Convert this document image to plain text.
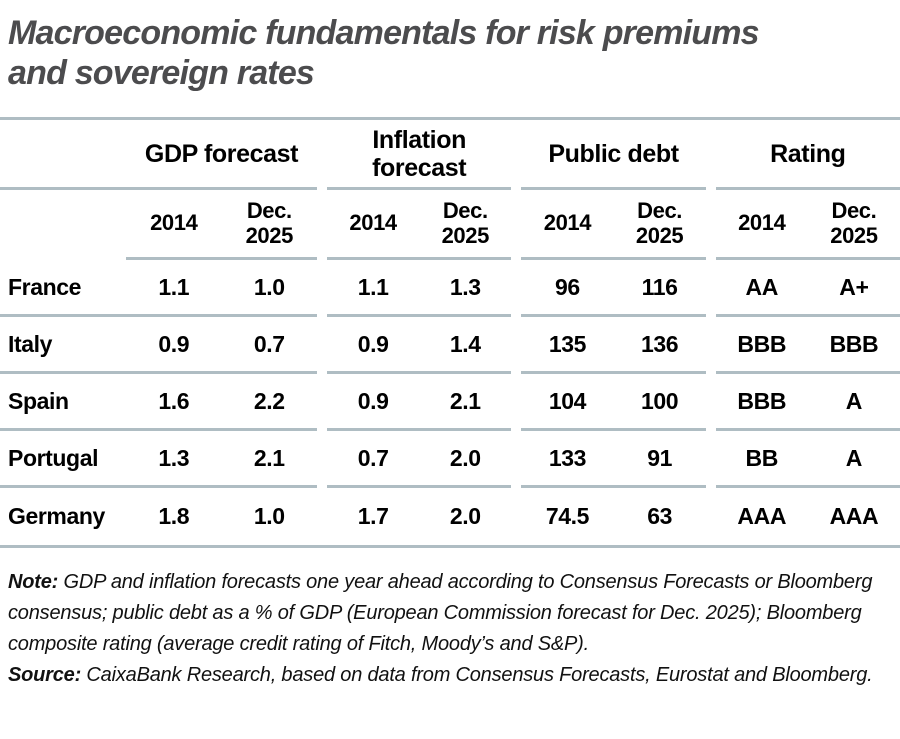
Macroeconomic fundamentals for risk premiums
and sovereign rates
GDP forecast	Inflation forecast	Public debt	Rating
2014	Dec. 2025	2014	Dec. 2025	2014	Dec. 2025	2014	Dec. 2025
France	1.1	1.0	1.1	1.3	96	116	AA	A+
Italy	0.9	0.7	0.9	1.4	135	136	BBB	BBB
Spain	1.6	2.2	0.9	2.1	104	100	BBB	A
Portugal	1.3	2.1	0.7	2.0	133	91	BB	A
Germany	1.8	1.0	1.7	2.0	74.5	63	AAA	AAA

Note: GDP and inflation forecasts one year ahead according to Consensus Forecasts or Bloomberg consensus; public debt as a % of GDP (European Commission forecast for Dec. 2025); Bloomberg composite rating (average credit rating of Fitch, Moody’s and S&P).

Source: CaixaBank Research, based on data from Consensus Forecasts, Eurostat and Bloomberg.
